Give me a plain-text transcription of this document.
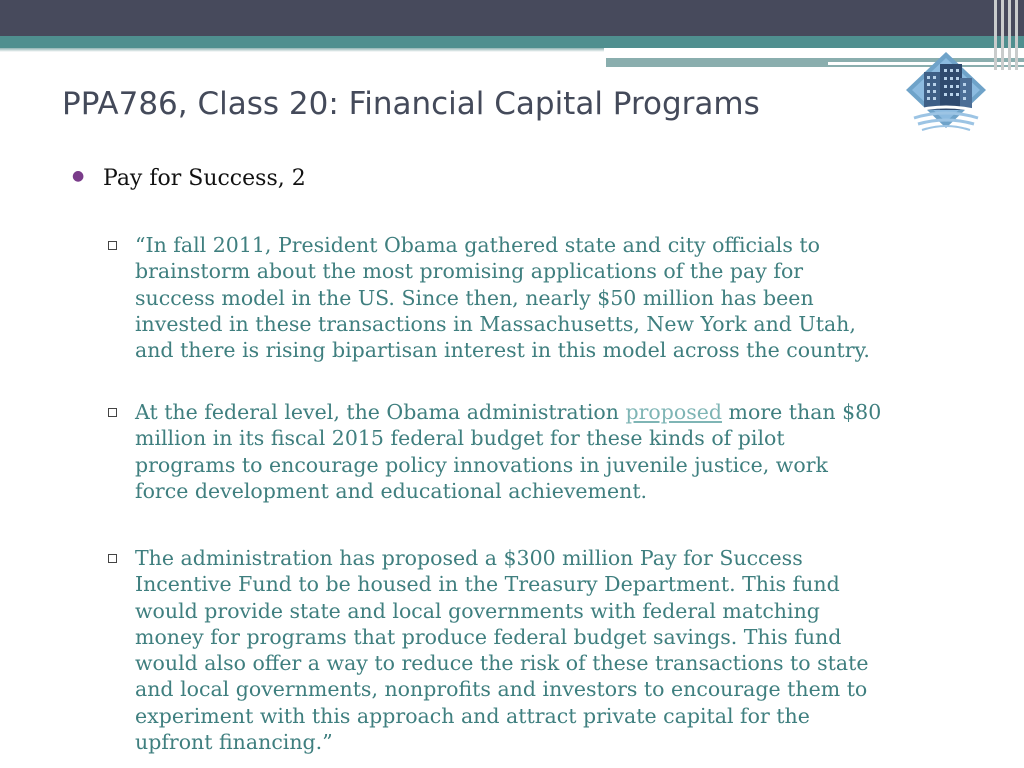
PPA786, Class 20: Financial Capital Programs
● Pay for Success, 2
“In fall 2011, President Obama gathered state and city officials to
brainstorm about the most promising applications of the pay for
success model in the US. Since then, nearly $50 million has been
invested in these transactions in Massachusetts, New York and Utah,
and there is rising bipartisan interest in this model across the country.
At the federal level, the Obama administration proposed more than $80
million in its fiscal 2015 federal budget for these kinds of pilot
programs to encourage policy innovations in juvenile justice, work
force development and educational achievement.
The administration has proposed a $300 million Pay for Success
Incentive Fund to be housed in the Treasury Department. This fund
would provide state and local governments with federal matching
money for programs that produce federal budget savings. This fund
would also offer a way to reduce the risk of these transactions to state
and local governments, nonprofits and investors to encourage them to
experiment with this approach and attract private capital for the
upfront financing.”
